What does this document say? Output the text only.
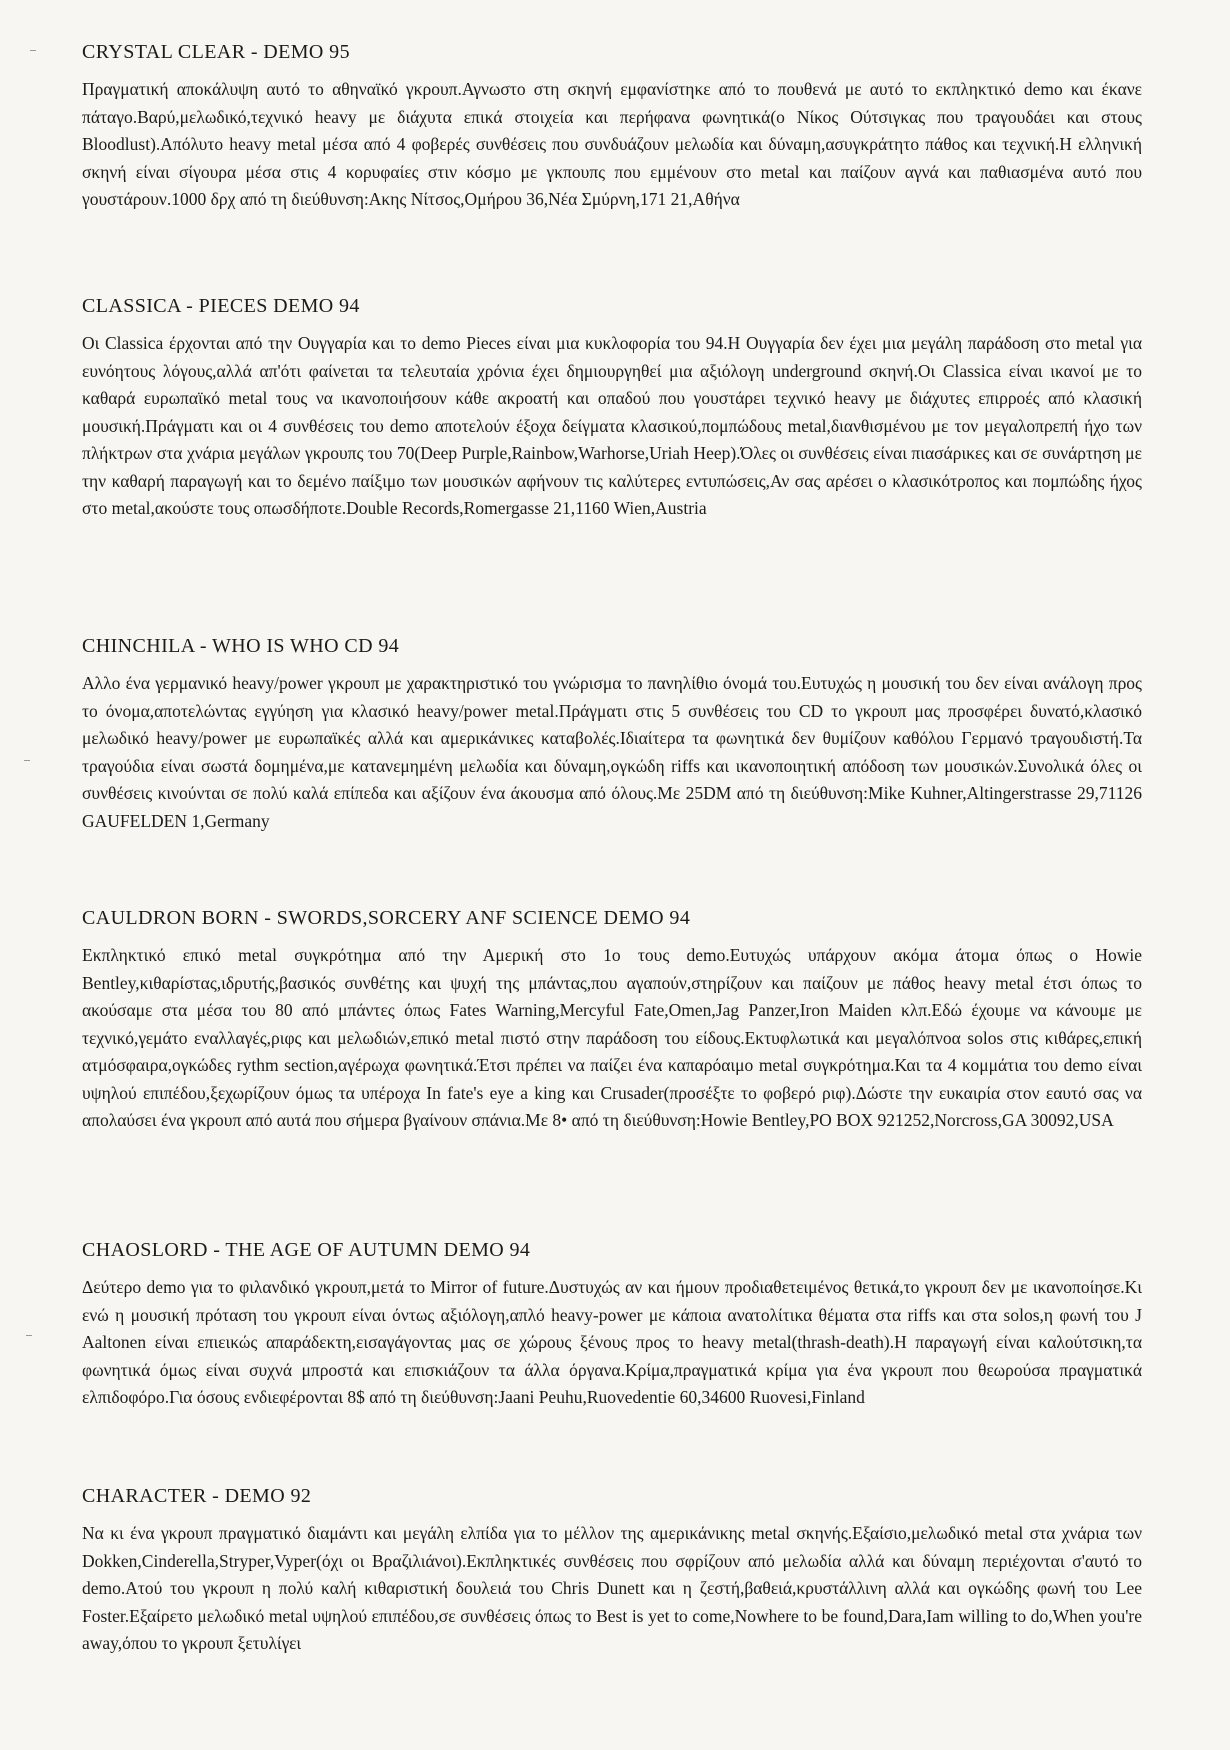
CRYSTAL CLEAR - DEMO 95

Πραγματική αποκάλυψη αυτό το αθηναϊκό γκρουπ.Αγνωστο στη σκηνή εμφανίστηκε από το πουθενά με αυτό το εκπληκτικό demo και έκανε πάταγο.Βαρύ,μελωδικό,τεχνικό heavy με διάχυτα επικά στοιχεία και περήφανα φωνητικά(ο Νίκος Ούτσιγκας που τραγουδάει και στους Bloodlust).Απόλυτο heavy metal μέσα από 4 φοβερές συνθέσεις που συνδυάζουν μελωδία και δύναμη,ασυγκράτητο πάθος και τεχνική.Η ελληνική σκηνή είναι σίγουρα μέσα στις 4 κορυφαίες στιν κόσμο με γκπουπς που εμμένουν στο metal και παίζουν αγνά και παθιασμένα αυτό που γουστάρουν.1000 δρχ από τη διεύθυνση:Ακης Νίτσος,Ομήρου 36,Νέα Σμύρνη,171 21,Αθήνα

CLASSICA - PIECES DEMO 94

Οι Classica έρχονται από την Ουγγαρία και το demo Pieces είναι μια κυκλοφορία του 94.Η Ουγγαρία δεν έχει μια μεγάλη παράδοση στο metal για ευνόητους λόγους,αλλά απ'ότι φαίνεται τα τελευταία χρόνια έχει δημιουργηθεί μια αξιόλογη underground σκηνή.Οι Classica είναι ικανοί με το καθαρά ευρωπαϊκό metal τους να ικανοποιήσουν κάθε ακροατή και οπαδού που γουστάρει τεχνικό heavy με διάχυτες επιρροές από κλασική μουσική.Πράγματι και οι 4 συνθέσεις του demo αποτελούν έξοχα δείγματα κλασικού,πομπώδους metal,διανθισμένου με τον μεγαλοπρεπή ήχο των πλήκτρων στα χνάρια μεγάλων γκρουπς του 70(Deep Purple,Rainbow,Warhorse,Uriah Heep).Όλες οι συνθέσεις είναι πιασάρικες και σε συνάρτηση με την καθαρή παραγωγή και το δεμένο παίξιμο των μουσικών αφήνουν τις καλύτερες εντυπώσεις,Αν σας αρέσει ο κλασικότροπος και πομπώδης ήχος στο metal,ακούστε τους οπωσδήποτε.Double Records,Romergasse 21,1160 Wien,Austria

CHINCHILA - WHO IS WHO CD 94

Αλλο ένα γερμανικό heavy/power γκρουπ με χαρακτηριστικό του γνώρισμα το πανηλίθιο όνομά του.Ευτυχώς η μουσική του δεν είναι ανάλογη προς το όνομα,αποτελώντας εγγύηση για κλασικό heavy/power metal.Πράγματι στις 5 συνθέσεις του CD το γκρουπ μας προσφέρει δυνατό,κλασικό μελωδικό heavy/power με ευρωπαϊκές αλλά και αμερικάνικες καταβολές.Ιδιαίτερα τα φωνητικά δεν θυμίζουν καθόλου Γερμανό τραγουδιστή.Τα τραγούδια είναι σωστά δομημένα,με κατανεμημένη μελωδία και δύναμη,ογκώδη riffs και ικανοποιητική απόδοση των μουσικών.Συνολικά όλες οι συνθέσεις κινούνται σε πολύ καλά επίπεδα και αξίζουν ένα άκουσμα από όλους.Με 25DM από τη διεύθυνση:Mike Kuhner,Altingerstrasse 29,71126 GAUFELDEN 1,Germany

CAULDRON BORN - SWORDS,SORCERY ANF SCIENCE DEMO 94

Εκπληκτικό επικό metal συγκρότημα από την Αμερική στο 1ο τους demo.Ευτυχώς υπάρχουν ακόμα άτομα όπως ο Howie Bentley,κιθαρίστας,ιδρυτής,βασικός συνθέτης και ψυχή της μπάντας,που αγαπούν,στηρίζουν και παίζουν με πάθος heavy metal έτσι όπως το ακούσαμε στα μέσα του 80 από μπάντες όπως Fates Warning,Mercyful Fate,Omen,Jag Panzer,Iron Maiden κλπ.Εδώ έχουμε να κάνουμε με τεχνικό,γεμάτο εναλλαγές,ριφς και μελωδιών,επικό metal πιστό στην παράδοση του είδους.Εκτυφλωτικά και μεγαλόπνοα solos στις κιθάρες,επική ατμόσφαιρα,ογκώδες rythm section,αγέρωχα φωνητικά.Έτσι πρέπει να παίζει ένα καπαρόαιμο metal συγκρότημα.Και τα 4 κομμάτια του demo είναι υψηλού επιπέδου,ξεχωρίζουν όμως τα υπέροχα In fate's eye a king και Crusader(προσέξτε το φοβερό ριφ).Δώστε την ευκαιρία στον εαυτό σας να απολαύσει ένα γκρουπ από αυτά που σήμερα βγαίνουν σπάνια.Με 8• από τη διεύθυνση:Howie Bentley,PO BOX 921252,Norcross,GA 30092,USA

CHAOSLORD - THE AGE OF AUTUMN DEMO 94

Δεύτερο demo για το φιλανδικό γκρουπ,μετά το Mirror of future.Δυστυχώς αν και ήμουν προδιαθετειμένος θετικά,το γκρουπ δεν με ικανοποίησε.Κι ενώ η μουσική πρόταση του γκρουπ είναι όντως αξιόλογη,απλό heavy-power με κάποια ανατολίτικα θέματα στα riffs και στα solos,η φωνή του J Aaltonen είναι επιεικώς απαράδεκτη,εισαγάγοντας μας σε χώρους ξένους προς το heavy metal(thrash-death).Η παραγωγή είναι καλούτσικη,τα φωνητικά όμως είναι συχνά μπροστά και επισκιάζουν τα άλλα όργανα.Κρίμα,πραγματικά κρίμα για ένα γκρουπ που θεωρούσα πραγματικά ελπιδοφόρο.Για όσους ενδιεφέρονται 8$ από τη διεύθυνση:Jaani Peuhu,Ruovedentie 60,34600 Ruovesi,Finland

CHARACTER - DEMO 92

Να κι ένα γκρουπ πραγματικό διαμάντι και μεγάλη ελπίδα για το μέλλον της αμερικάνικης metal σκηνής.Εξαίσιο,μελωδικό metal στα χνάρια των Dokken,Cinderella,Stryper,Vyper(όχι οι Βραζιλιάνοι).Εκπληκτικές συνθέσεις που σφρίζουν από μελωδία αλλά και δύναμη περιέχονται σ'αυτό το demo.Ατού του γκρουπ η πολύ καλή κιθαριστική δουλειά του Chris Dunett και η ζεστή,βαθειά,κρυστάλλινη αλλά και ογκώδης φωνή του Lee Foster.Εξαίρετο μελωδικό metal υψηλού επιπέδου,σε συνθέσεις όπως το Best is yet to come,Nowhere to be found,Dara,Iam willing to do,When you're away,όπου το γκρουπ ξετυλίγει
